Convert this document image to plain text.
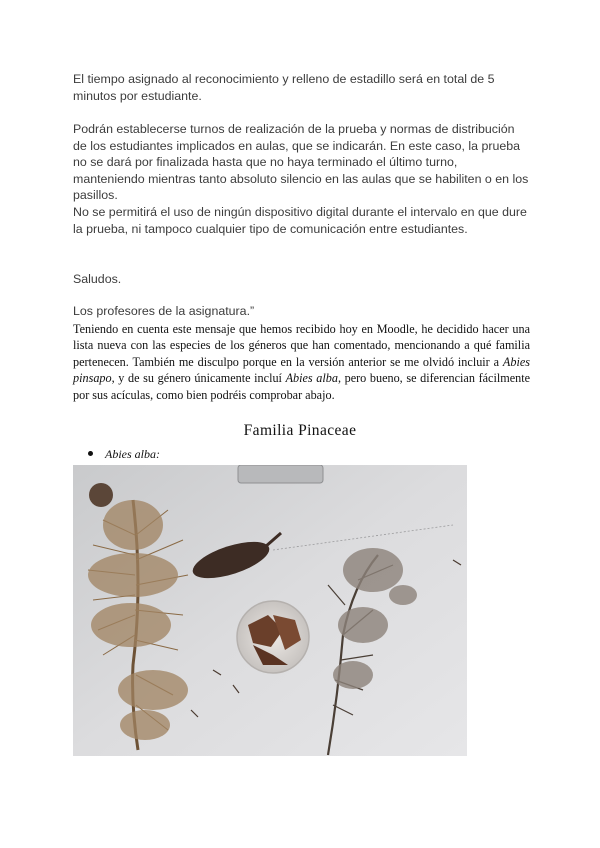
El tiempo asignado al reconocimiento y relleno de estadillo será en total de 5 minutos por estudiante.

Podrán establecerse turnos de realización de la prueba y normas de distribución de los estudiantes implicados en aulas, que se indicarán. En este caso, la prueba no se dará por finalizada hasta que no haya terminado el último turno, manteniendo mientras tanto absoluto silencio en las aulas que se habiliten o en los pasillos.

No se permitirá el uso de ningún dispositivo digital durante el intervalo en que dure la prueba, ni tampoco cualquier tipo de comunicación entre estudiantes.

Saludos.

Los profesores de la asignatura.”

Teniendo en cuenta este mensaje que hemos recibido hoy en Moodle, he decidido hacer una lista nueva con las especies de los géneros que han comentado, mencionando a qué familia pertenecen. También me disculpo porque en la versión anterior se me olvidó incluir a Abies pinsapo, y de su género únicamente incluí Abies alba, pero bueno, se diferencian fácilmente por sus acículas, como bien podréis comprobar abajo.

Familia Pinaceae
Abies alba:
